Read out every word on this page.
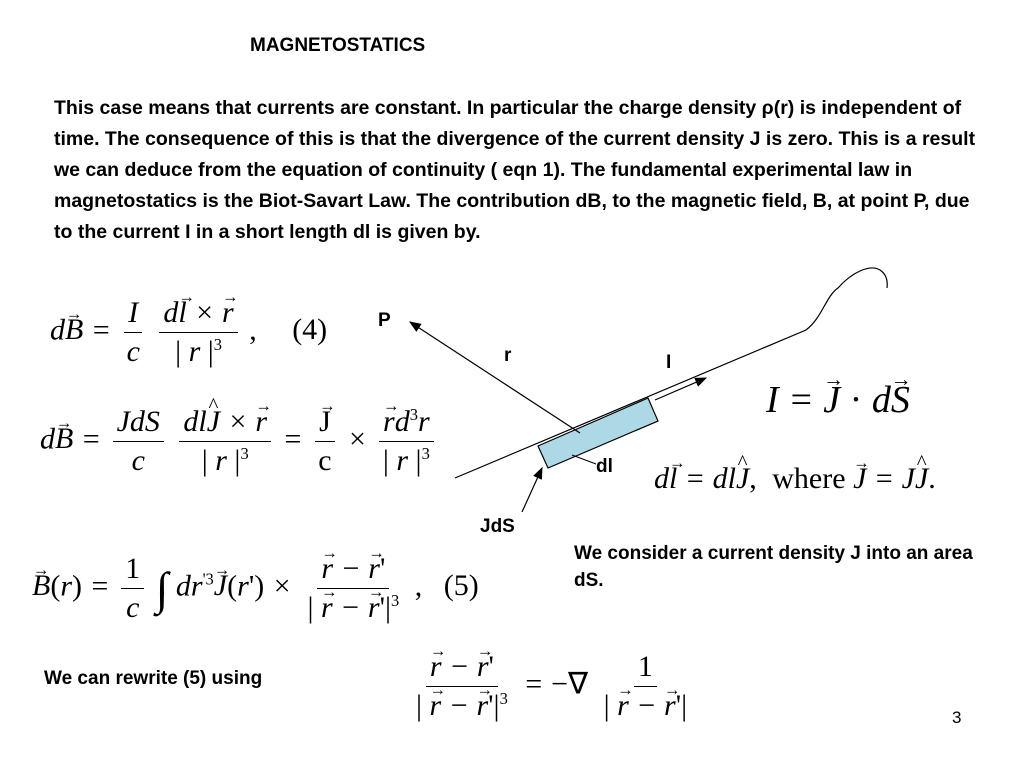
MAGNETOSTATICS
This case means that currents are constant. In particular the charge density ρ(r) is independent of time. The consequence of this is that the divergence of the current density J is zero. This is a result we can deduce from the equation of continuity ( eqn 1). The fundamental experimental law in magnetostatics is the Biot-Savart Law. The contribution dB, to the magnetic field, B, at point P, due to the current I in a short length dl is given by.
$d\to B = \frac{I}{c}$
$\frac{d\to l \times \to r}{| r |^3}$ , (4)
$d\to B = \frac{\text{JdS}}{c}$
$\frac{dl\^{} J \times \to r}{| r |^3}$ = → $\frac{J}{c}$ × → $\frac{rd^3r}{| r |^3}$
→ $B(r) = \frac{1}{c}$ ∫ $dr^{'3}\to J(r')$ × → $\frac{r - \to r'}{| \to r - \to r'|^3}$ , (5)
I = → J · d→ S
d→ l = dl^ J, where → J = J^ J.
→ $\frac{r - \to r'}{| \to r - \to r'|^3}$ = −∇ $\frac{1}{| \to r - \to r'|}$
We consider a current density J into an area dS.
We can rewrite (5) using
3
P
r	I
dl
JdS
